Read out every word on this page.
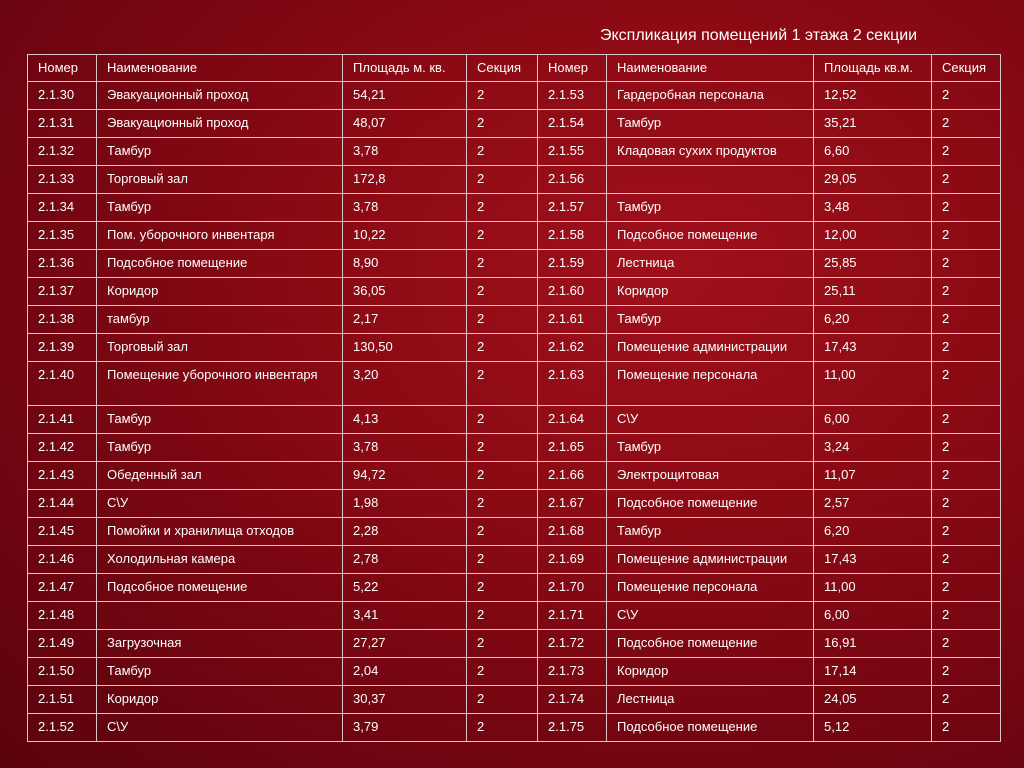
Экспликация помещений 1 этажа 2 секции
Номер	Наименование	Площадь м. кв.	Секция	Номер	Наименование	Площадь кв.м.	Секция
2.1.30	Эвакуационный проход	54,21	2	2.1.53	Гардеробная персонала	12,52	2
2.1.31	Эвакуационный проход	48,07	2	2.1.54	Тамбур	35,21	2
2.1.32	Тамбур	3,78	2	2.1.55	Кладовая сухих продуктов	6,60	2
2.1.33	Торговый зал	172,8	2	2.1.56		29,05	2
2.1.34	Тамбур	3,78	2	2.1.57	Тамбур	3,48	2
2.1.35	Пом. уборочного инвентаря	10,22	2	2.1.58	Подсобное помещение	12,00	2
2.1.36	Подсобное помещение	8,90	2	2.1.59	Лестница	25,85	2
2.1.37	Коридор	36,05	2	2.1.60	Коридор	25,11	2
2.1.38	тамбур	2,17	2	2.1.61	Тамбур	6,20	2
2.1.39	Торговый зал	130,50	2	2.1.62	Помещение администрации	17,43	2
2.1.40	Помещение уборочного инвентаря	3,20	2	2.1.63	Помещение персонала	11,00	2
2.1.41	Тамбур	4,13	2	2.1.64	С\У	6,00	2
2.1.42	Тамбур	3,78	2	2.1.65	Тамбур	3,24	2
2.1.43	Обеденный зал	94,72	2	2.1.66	Электрощитовая	11,07	2
2.1.44	С\У	1,98	2	2.1.67	Подсобное помещение	2,57	2
2.1.45	Помойки и хранилища отходов	2,28	2	2.1.68	Тамбур	6,20	2
2.1.46	Холодильная камера	2,78	2	2.1.69	Помещение администрации	17,43	2
2.1.47	Подсобное помещение	5,22	2	2.1.70	Помещение персонала	11,00	2
2.1.48		3,41	2	2.1.71	С\У	6,00	2
2.1.49	Загрузочная	27,27	2	2.1.72	Подсобное помещение	16,91	2
2.1.50	Тамбур	2,04	2	2.1.73	Коридор	17,14	2
2.1.51	Коридор	30,37	2	2.1.74	Лестница	24,05	2
2.1.52	С\У	3,79	2	2.1.75	Подсобное помещение	5,12	2
